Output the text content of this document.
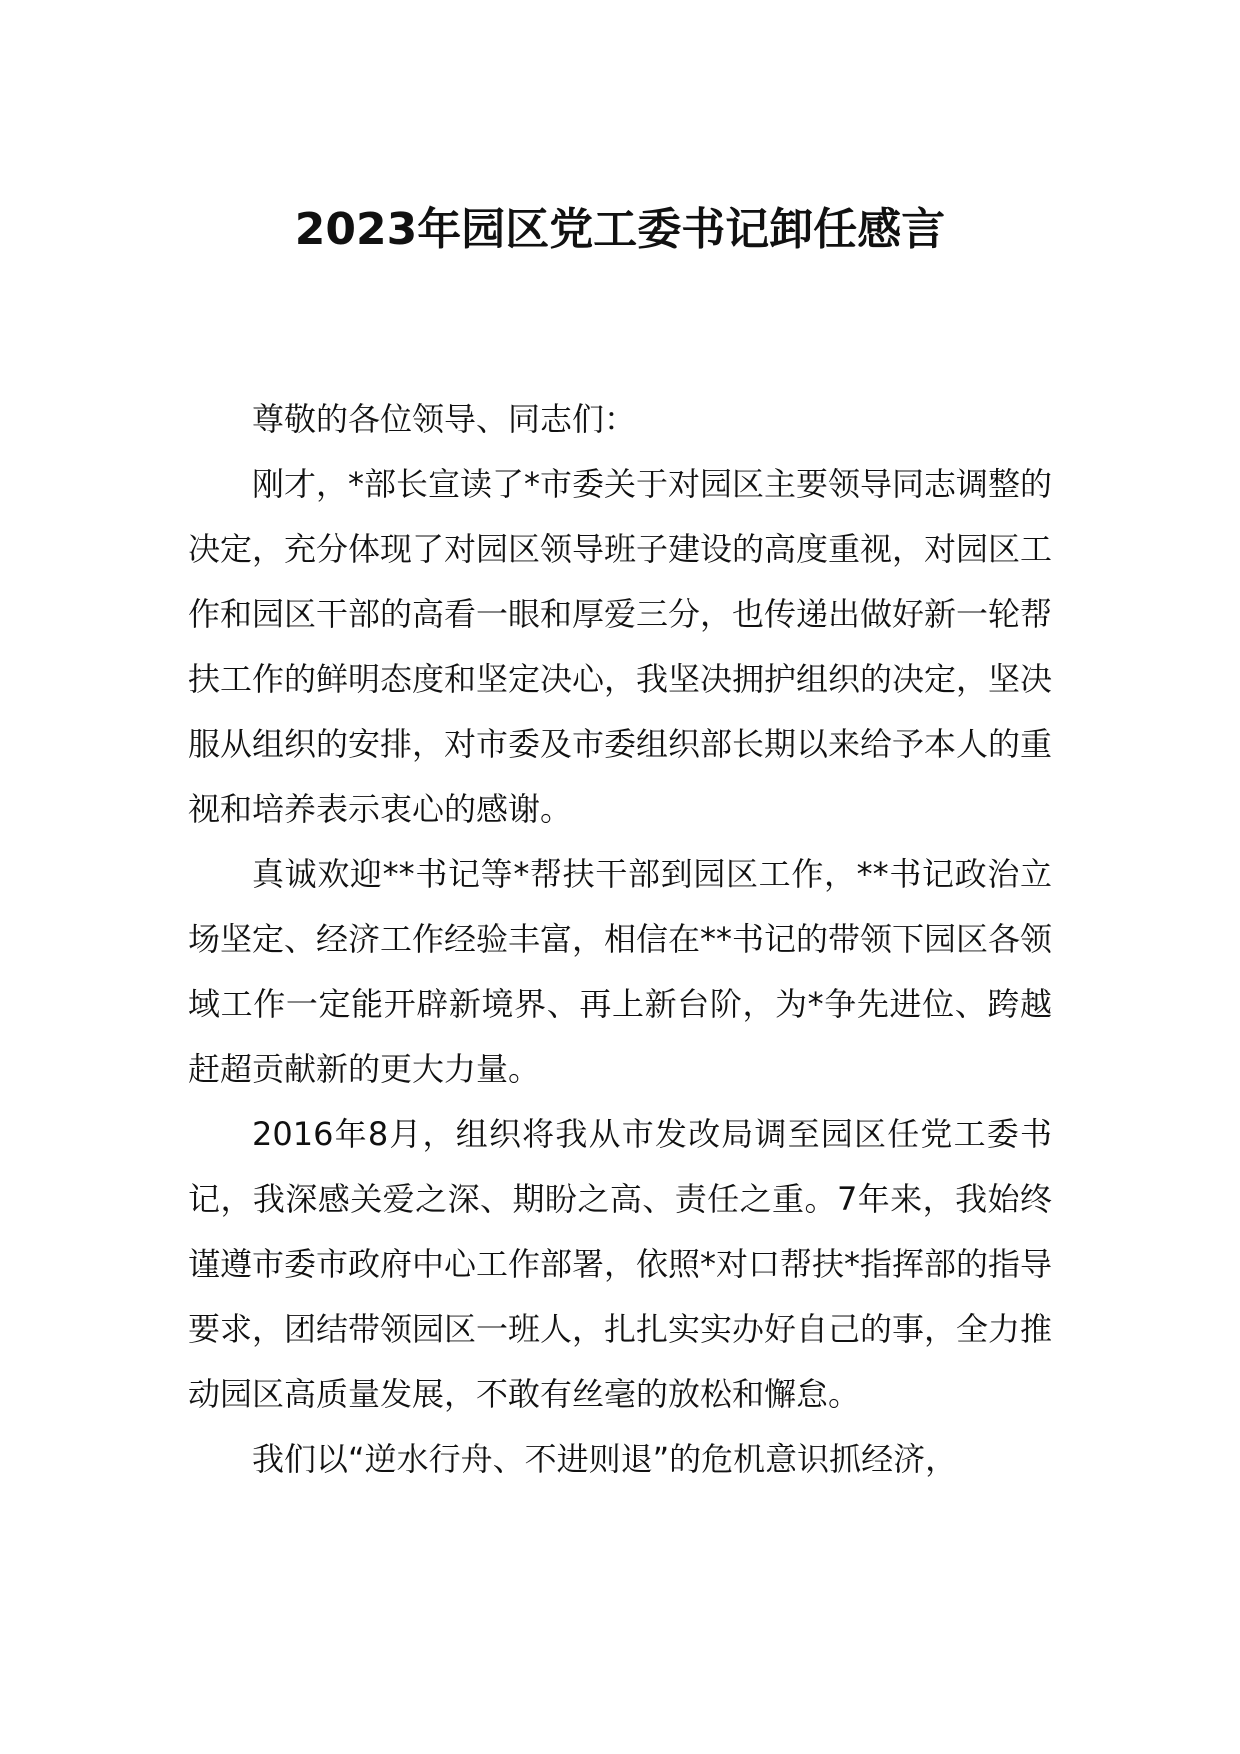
2023年园区党工委书记卸任感言

尊敬的各位领导、同志们：

刚才，*部长宣读了*市委关于对园区主要领导同志调整的决定，充分体现了对园区领导班子建设的高度重视，对园区工作和园区干部的高看一眼和厚爱三分，也传递出做好新一轮帮扶工作的鲜明态度和坚定决心，我坚决拥护组织的决定，坚决服从组织的安排，对市委及市委组织部长期以来给予本人的重视和培养表示衷心的感谢。

真诚欢迎**书记等*帮扶干部到园区工作，**书记政治立场坚定、经济工作经验丰富，相信在**书记的带领下园区各领域工作一定能开辟新境界、再上新台阶，为*争先进位、跨越赶超贡献新的更大力量。

2016年8月，组织将我从市发改局调至园区任党工委书记，我深感关爱之深、期盼之高、责任之重。7年来，我始终谨遵市委市政府中心工作部署，依照*对口帮扶*指挥部的指导要求，团结带领园区一班人，扎扎实实办好自己的事，全力推动园区高质量发展，不敢有丝毫的放松和懈怠。

我们以“逆水行舟、不进则退”的危机意识抓经济，
